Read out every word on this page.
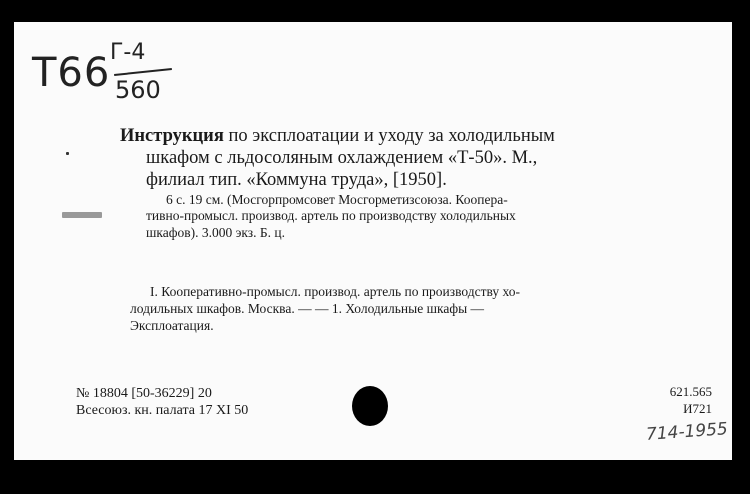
Т66 Г-4
560
Инструкция по эксплоатации и уходу за холодильным
шкафом с льдосоляным охлаждением «Т-50». М.,
филиал тип. «Коммуна труда», [1950].
6 с. 19 см. (Мосгорпромсовет Мосгорметизсоюза. Коопера-
тивно-промысл. производ. артель по производству холодильных
шкафов). 3.000 экз. Б. ц.
I. Кооперативно-промысл. производ. артель по производству хо-
лодильных шкафов. Москва. — — 1. Холодильные шкафы —
Эксплоатация.
№ 18804 [50-36229] 20
Всесоюз. кн. палата 17 XI 50
621.565
И721
714-1955
